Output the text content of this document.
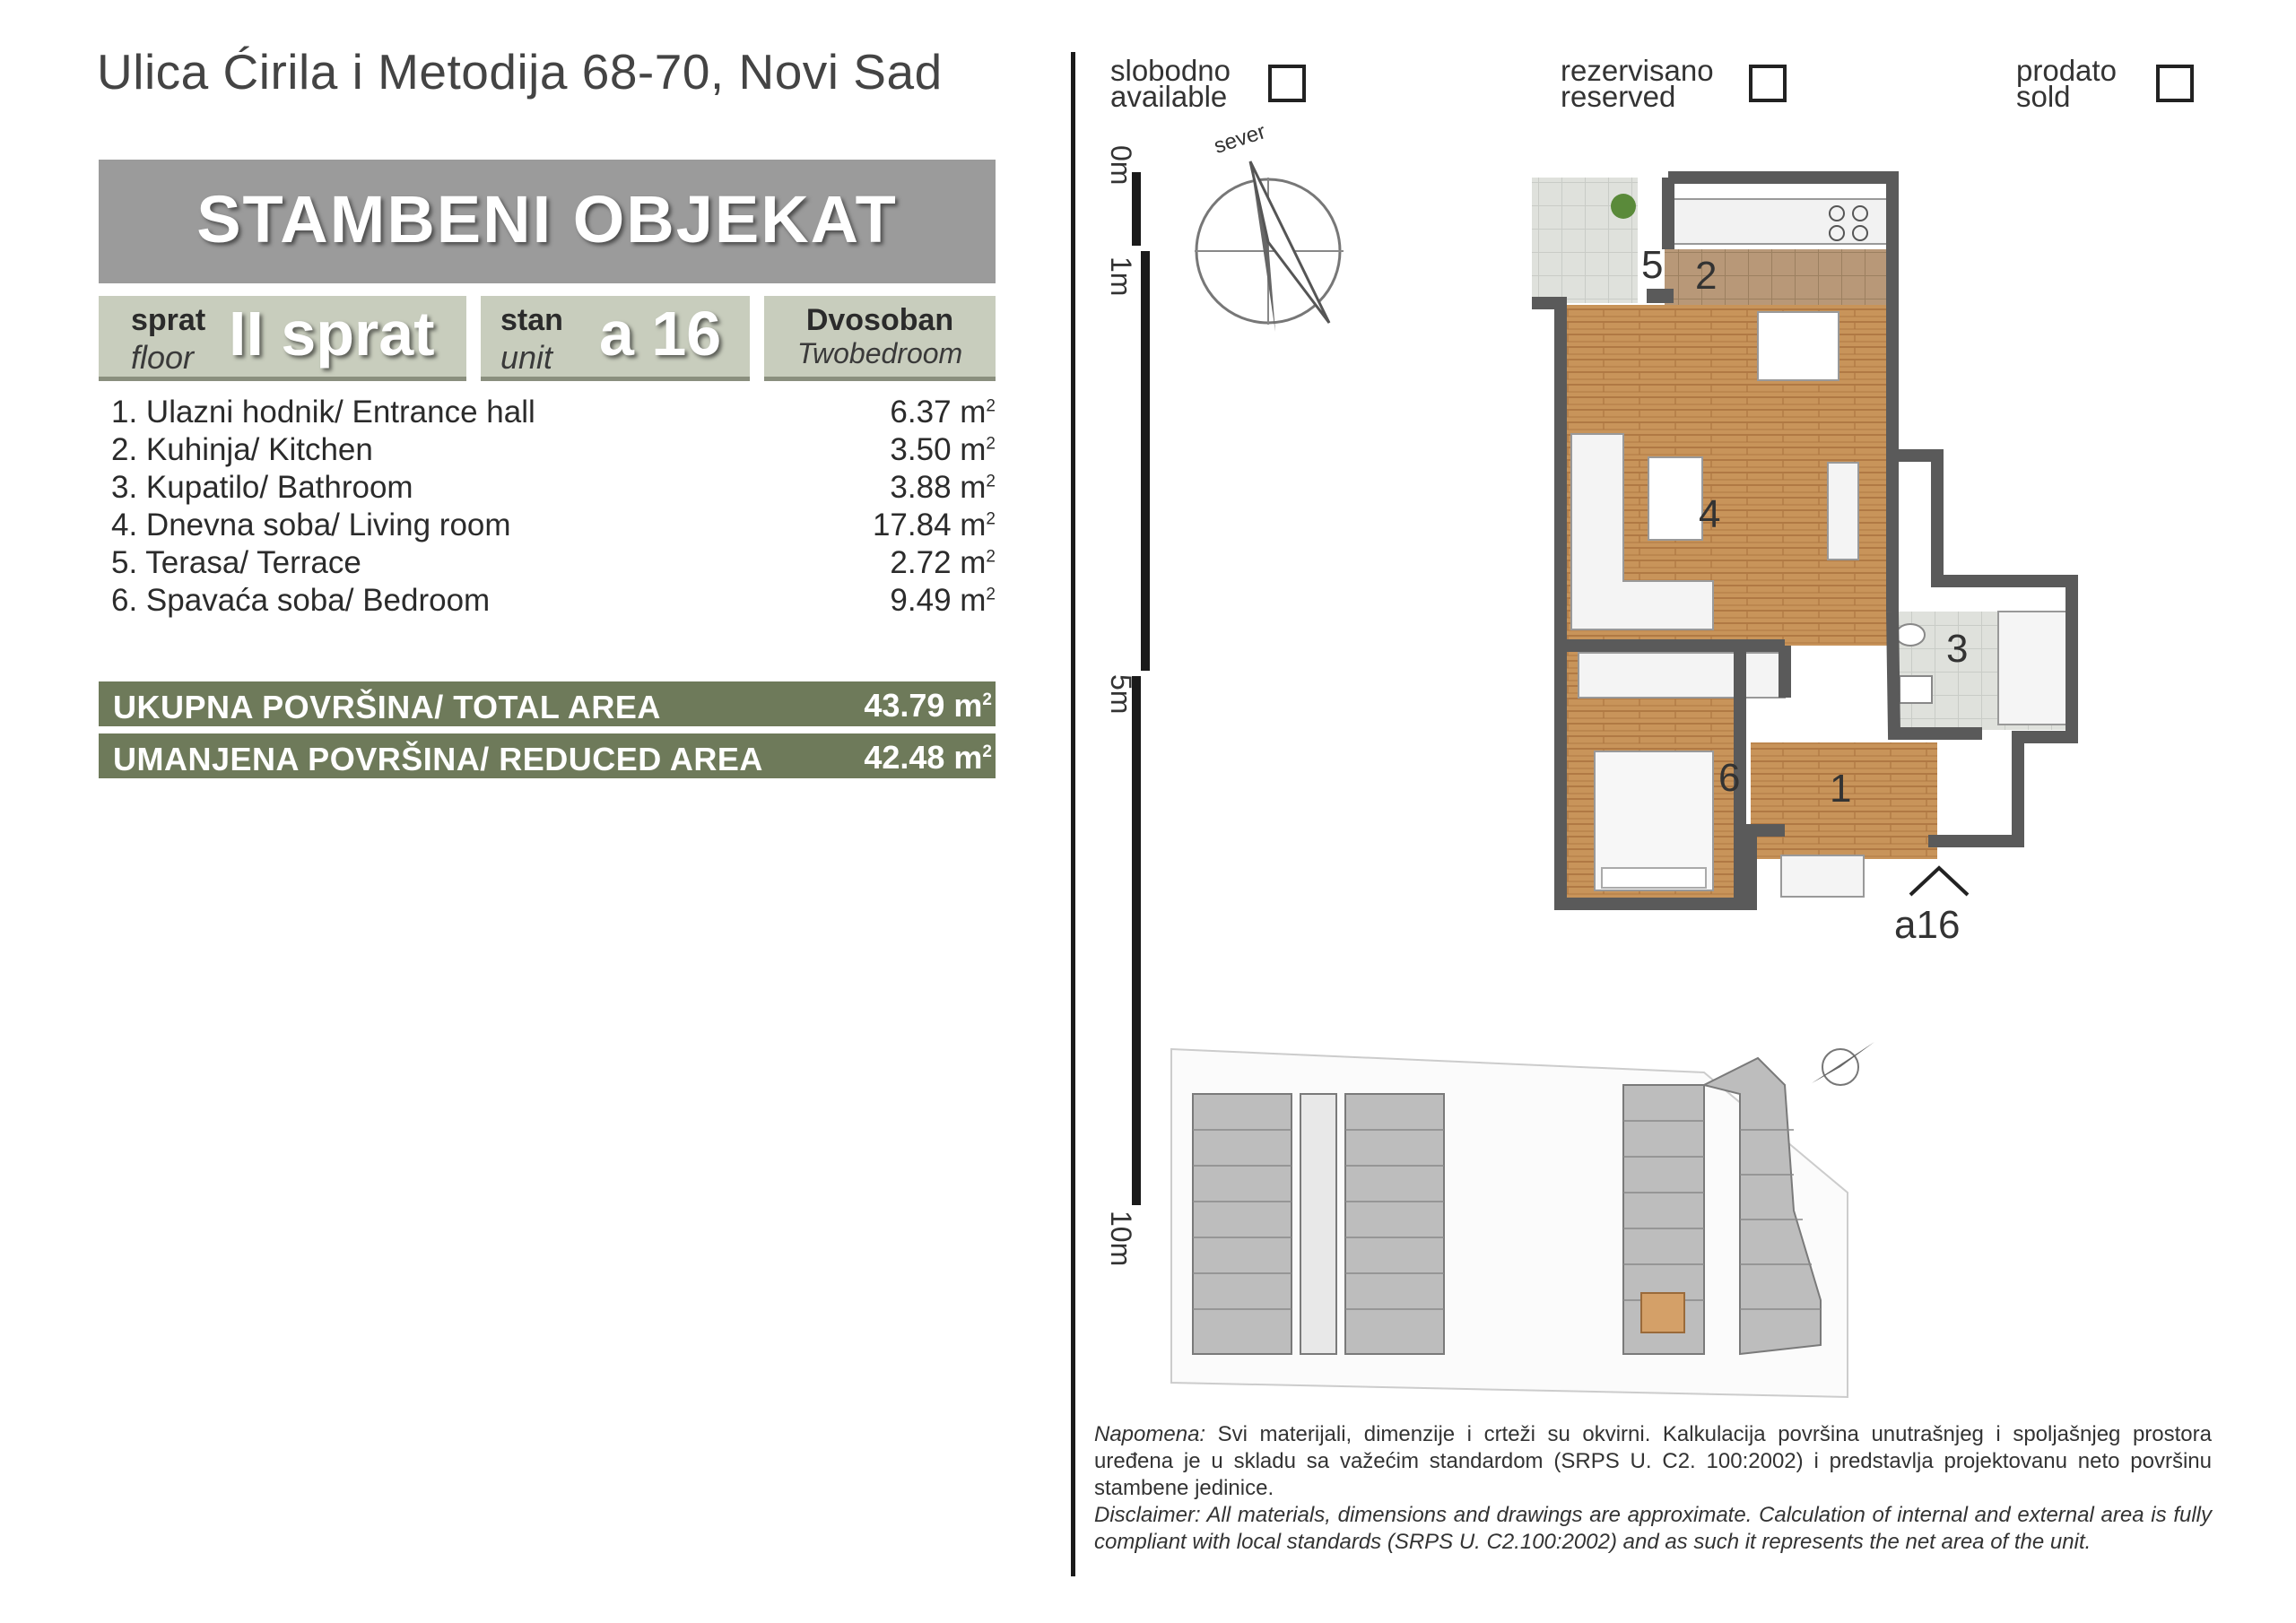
Ulica Ćirila i Metodija 68-70, Novi Sad
STAMBENI OBJEKAT
sprat
floor II sprat stan
unit a 16	Dvosoban
Twobedroom
1. Ulazni hodnik/ Entrance hall	6.37 $m^2$
2. Kuhinja/ Kitchen	3.50 $m^2$
3. Kupatilo/ Bathroom	3.88 $m^2$
4. Dnevna soba/ Living room	17.84 $m^2$
5. Terasa/ Terrace	2.72 $m^2$
6. Spavaća soba/ Bedroom	9.49 $m^2$
UKUPNA POVRŠINA/ TOTAL AREA	43.79 $m^2$
UMANJENA POVRŠINA/ REDUCED AREA	42.48 $m^2$
slobodno
available
rezervisano
reserved
prodato
sold
0m
1m
5m
10m
sever
5 2
4
3
6 1
a16
Napomena: Svi materijali, dimenzije i crteži su okvirni. Kalkulacija površina unutrašnjeg i spoljašnjeg prostora uređena je u skladu sa važećim standardom (SRPS U. C2. 100:2002) i predstavlja projektovanu neto površinu stambene jedinice.
Disclaimer: All materials, dimensions and drawings are approximate. Calculation of internal and external area is fully compliant with local standards (SRPS U. C2.100:2002) and as such it represents the net area of the unit.
